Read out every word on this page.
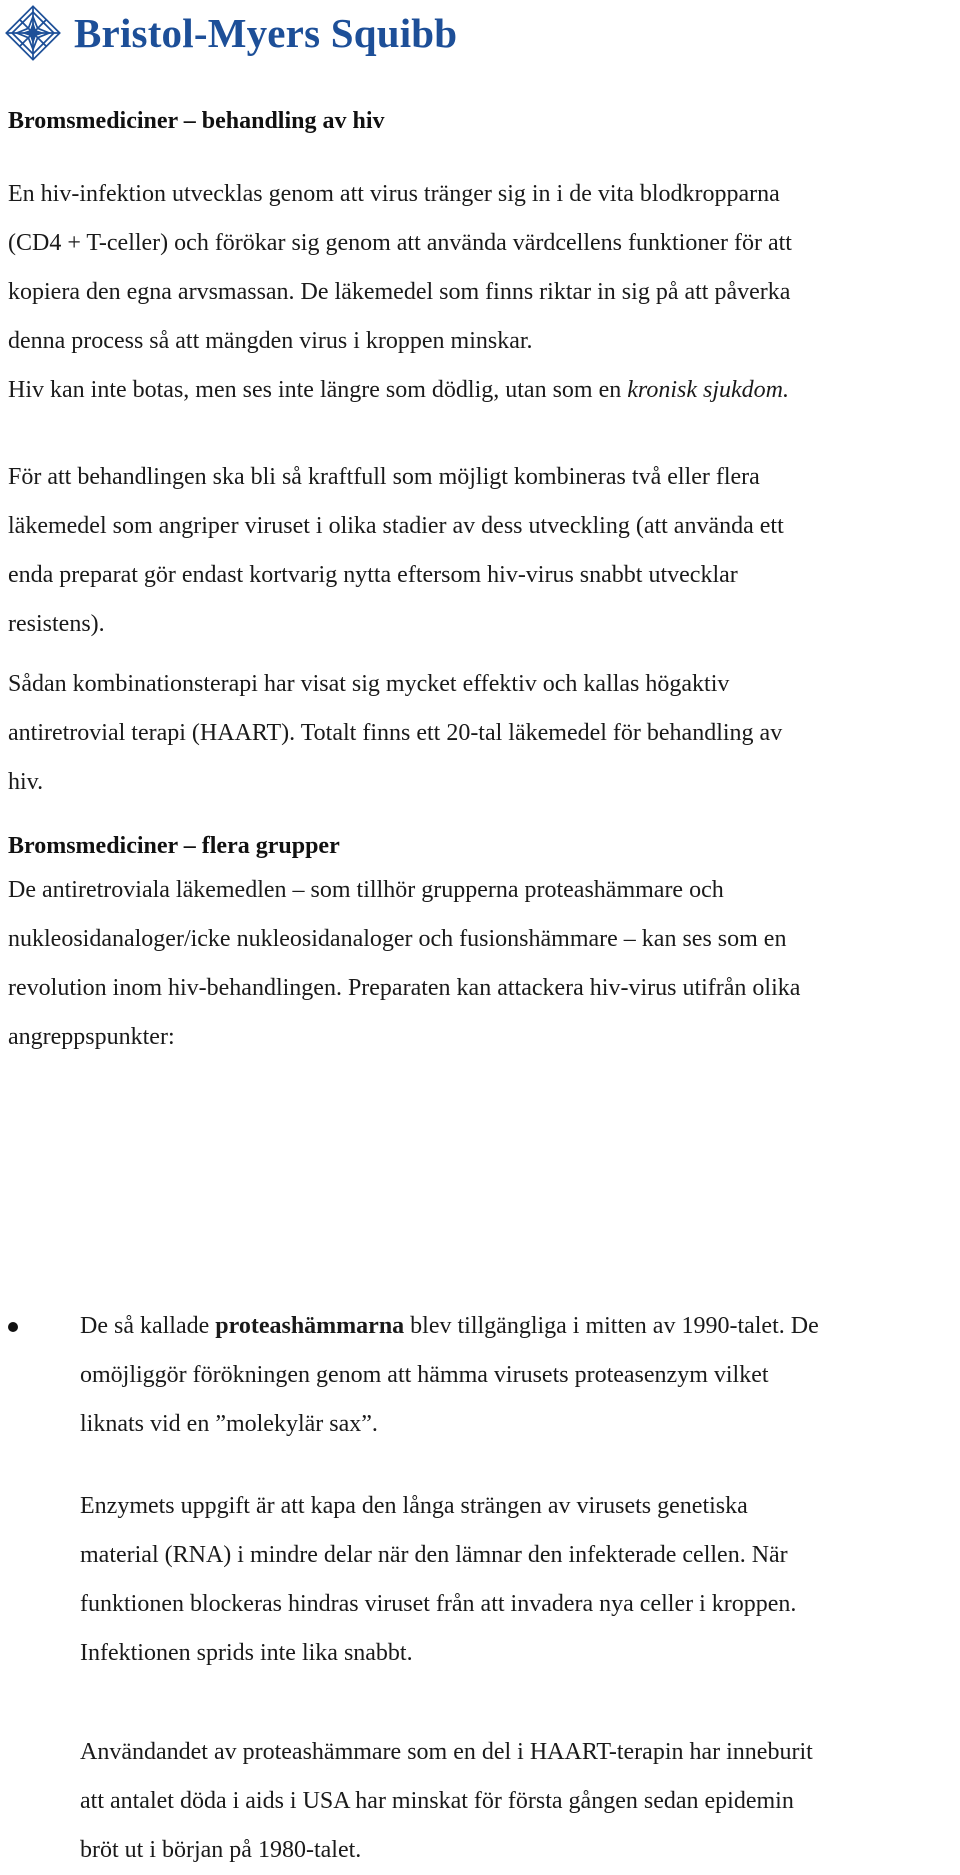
Bristol-Myers Squibb
Bromsmediciner – behandling av hiv
En hiv-infektion utvecklas genom att virus tränger sig in i de vita blodkropparna
(CD4 + T-celler) och förökar sig genom att använda värdcellens funktioner för att
kopiera den egna arvsmassan. De läkemedel som finns riktar in sig på att påverka
denna process så att mängden virus i kroppen minskar.
Hiv kan inte botas, men ses inte längre som dödlig, utan som en kronisk sjukdom.
För att behandlingen ska bli så kraftfull som möjligt kombineras två eller flera
läkemedel som angriper viruset i olika stadier av dess utveckling (att använda ett
enda preparat gör endast kortvarig nytta eftersom hiv-virus snabbt utvecklar
resistens).
Sådan kombinationsterapi har visat sig mycket effektiv och kallas högaktiv
antiretrovial terapi (HAART). Totalt finns ett 20-tal läkemedel för behandling av
hiv.
Bromsmediciner – flera grupper
De antiretroviala läkemedlen – som tillhör grupperna proteashämmare och
nukleosidanaloger/icke nukleosidanaloger och fusionshämmare – kan ses som en
revolution inom hiv-behandlingen. Preparaten kan attackera hiv-virus utifrån olika
angreppspunkter:
De så kallade proteashämmarna blev tillgängliga i mitten av 1990-talet. De
omöjliggör förökningen genom att hämma virusets proteasenzym vilket
liknats vid en ”molekylär sax”.
Enzymets uppgift är att kapa den långa strängen av virusets genetiska
material (RNA) i mindre delar när den lämnar den infekterade cellen. När
funktionen blockeras hindras viruset från att invadera nya celler i kroppen.
Infektionen sprids inte lika snabbt.
Användandet av proteashämmare som en del i HAART-terapin har inneburit
att antalet döda i aids i USA har minskat för första gången sedan epidemin
bröt ut i början på 1980-talet.
